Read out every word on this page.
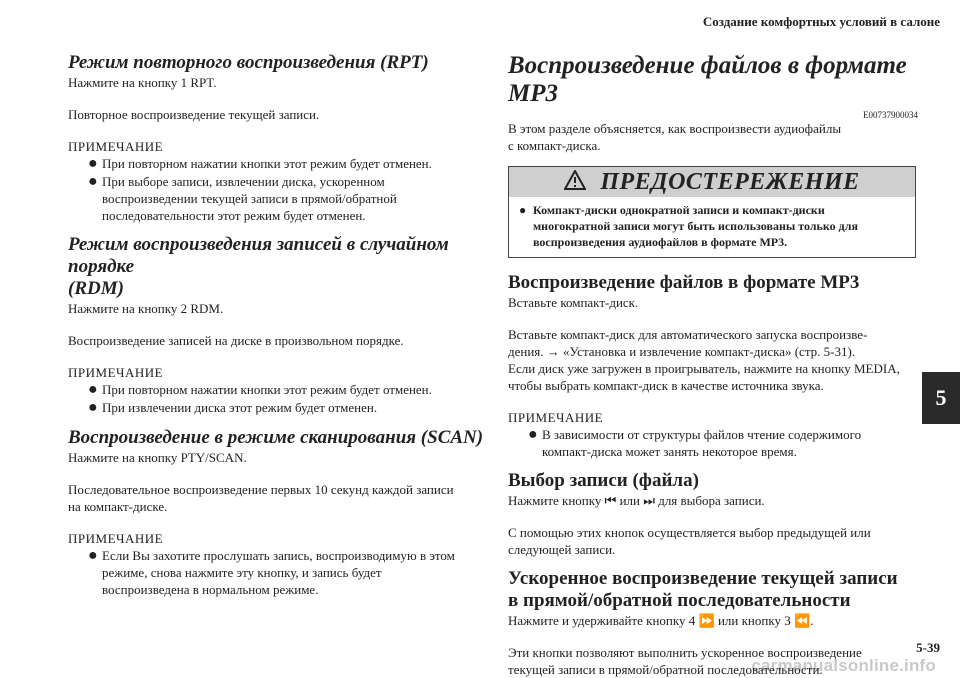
Создание комфортных условий в салоне
5
5-39
carmanualsonline.info
Режим повторного воспроизведения (RPT)

Нажмите на кнопку 1 RPT.

Повторное воспроизведение текущей записи.

ПРИМЕЧАНИЕ

●

При повторном нажатии кнопки этот режим будет отменен.

●

При выборе записи, извлечении диска, ускоренном

воспроизведении текущей записи в прямой/обратной

последовательности этот режим будет отменен.

Режим воспроизведения записей в случайном порядке
(RDM)

Нажмите на кнопку 2 RDM.

Воспроизведение записей на диске в произвольном порядке.

ПРИМЕЧАНИЕ

●

При повторном нажатии кнопки этот режим будет отменен.

●

При извлечении диска этот режим будет отменен.

Воспроизведение в режиме сканирования (SCAN)

Нажмите на кнопку PTY/SCAN.

Последовательное воспроизведение первых 10 секунд каждой записи

на компакт-диске.

ПРИМЕЧАНИЕ

●

Если Вы захотите прослушать запись, воспроизводимую в этом

режиме, снова нажмите эту кнопку, и запись будет

воспроизведена в нормальном режиме.

Воспроизведение файлов в формате MP3
E00737900034

В этом разделе объясняется, как воспроизвести аудиофайлы

с компакт-диска.

ПРЕДОСТЕРЕЖЕНИЕ
●

Компакт-диски однократной записи и компакт-диски

многократной записи могут быть использованы только для

воспроизведения аудиофайлов в формате MP3.

Воспроизведение файлов в формате MP3

Вставьте компакт-диск.

Вставьте компакт-диск для автоматического запуска воспроизве-

дения. → «Установка и извлечение компакт-диска» (стр. 5-31).

Если диск уже загружен в проигрыватель, нажмите на кнопку MEDIA,

чтобы выбрать компакт-диск в качестве источника звука.

ПРИМЕЧАНИЕ

●

В зависимости от структуры файлов чтение содержимого

компакт-диска может занять некоторое время.

Выбор записи (файла)

Нажмите кнопку ⏮ или ⏭ для выбора записи.

С помощью этих кнопок осуществляется выбор предыдущей или

следующей записи.

Ускоренное воспроизведение текущей записи
в прямой/обратной последовательности

Нажмите и удерживайте кнопку 4 ⏩ или кнопку 3 ⏪.

Эти кнопки позволяют выполнить ускоренное воспроизведение

текущей записи в прямой/обратной последовательности.
